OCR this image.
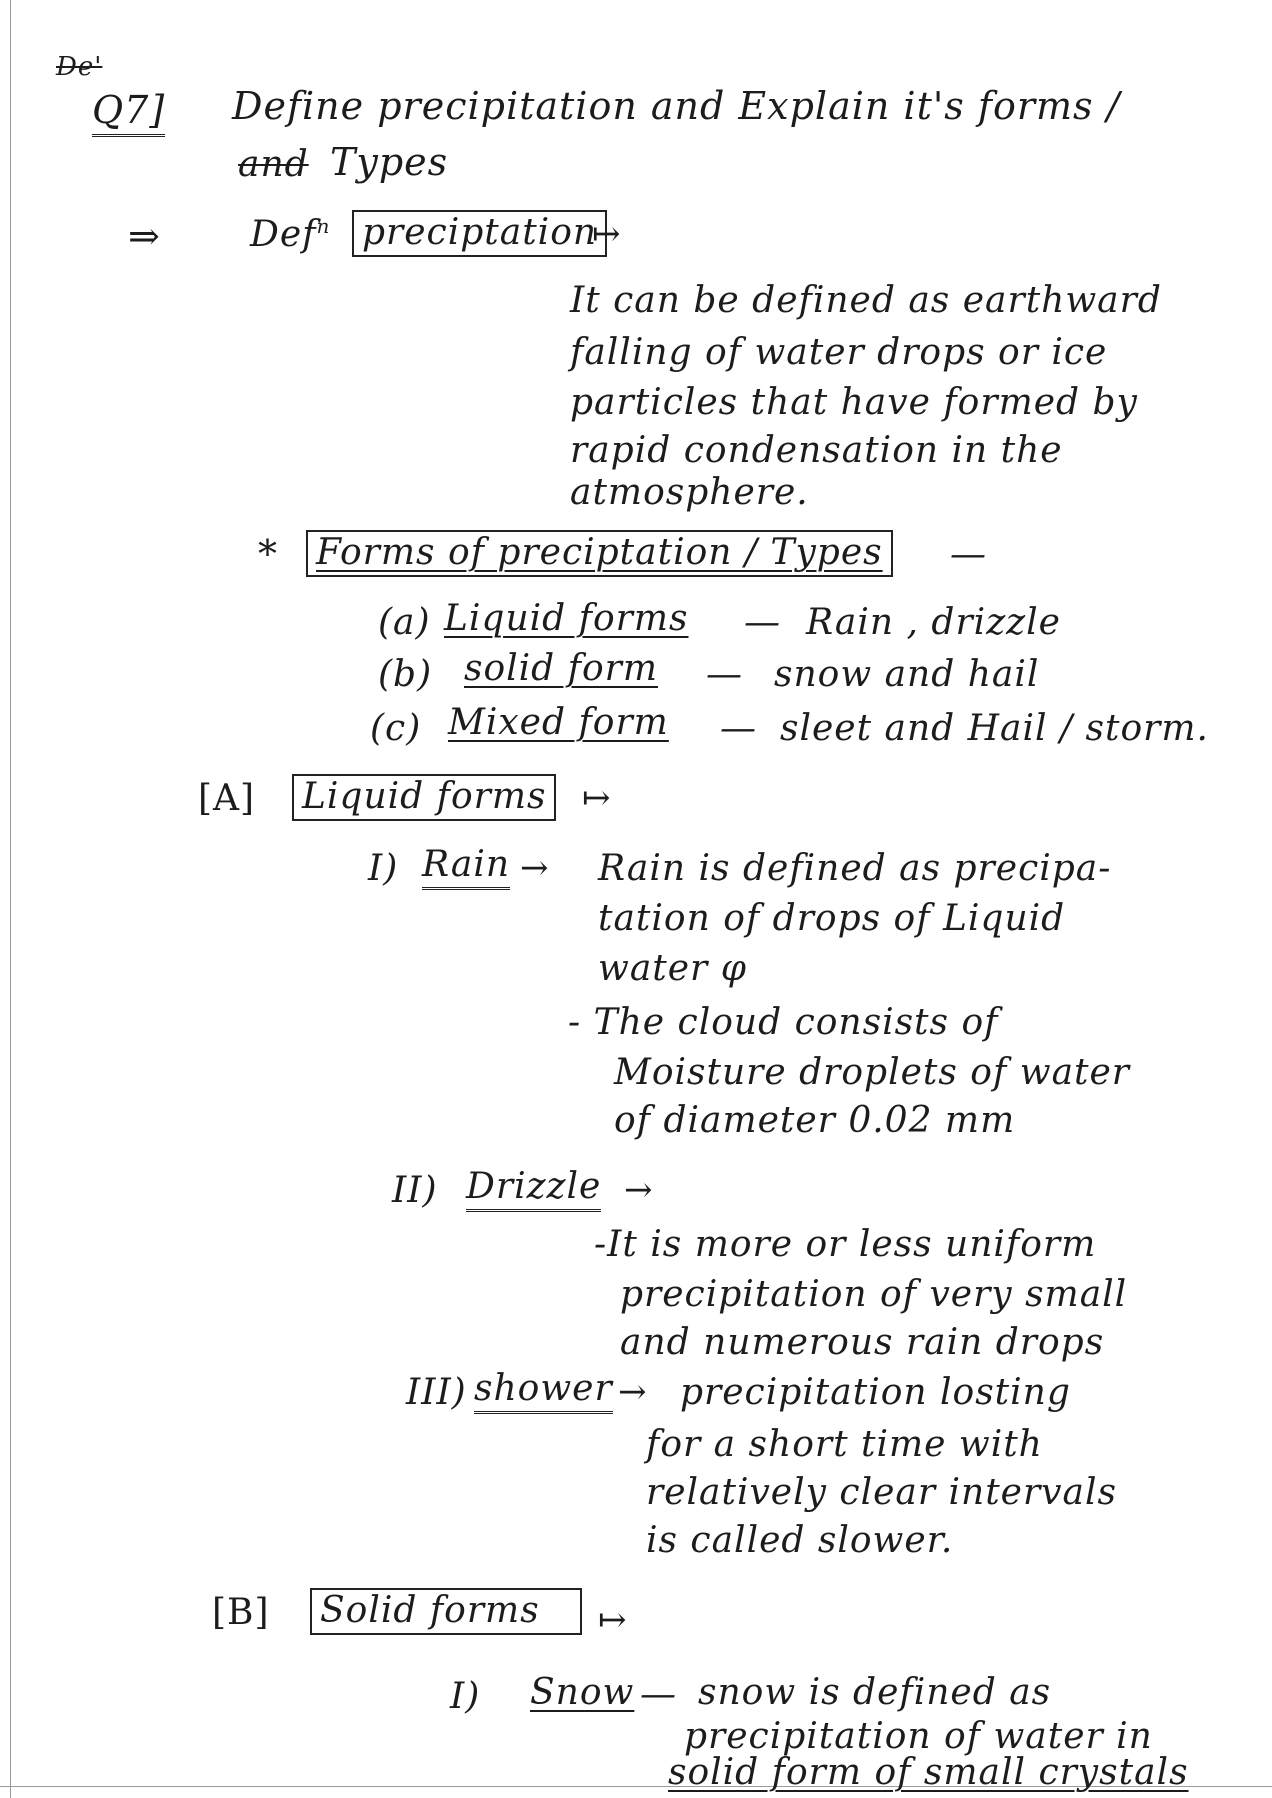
De'
Q7] Define precipitation and Explain it's forms /
and Types
⇒ Def$^n$ preciptation
↦
It can be defined as earthward
falling of water drops or ice
particles that have formed by
rapid condensation in the
atmosphere.
* Forms of preciptation / Types —
(a) Liquid forms — Rain , drizzle
(b) solid form — snow and hail
(c) Mixed form — sleet and Hail / storm.
[A] Liquid forms ↦
I) Rain → Rain is defined as precipa-
tation of drops of Liquid
water φ
- The cloud consists of
Moisture droplets of water
of diameter 0.02 mm
II) Drizzle →
-It is more or less uniform
precipitation of very small
and numerous rain drops
III) shower → precipitation losting
for a short time with
relatively clear intervals
is called slower.
[B] Solid forms	↦
I) Snow — snow is defined as
precipitation of water in
solid form of small crystals
